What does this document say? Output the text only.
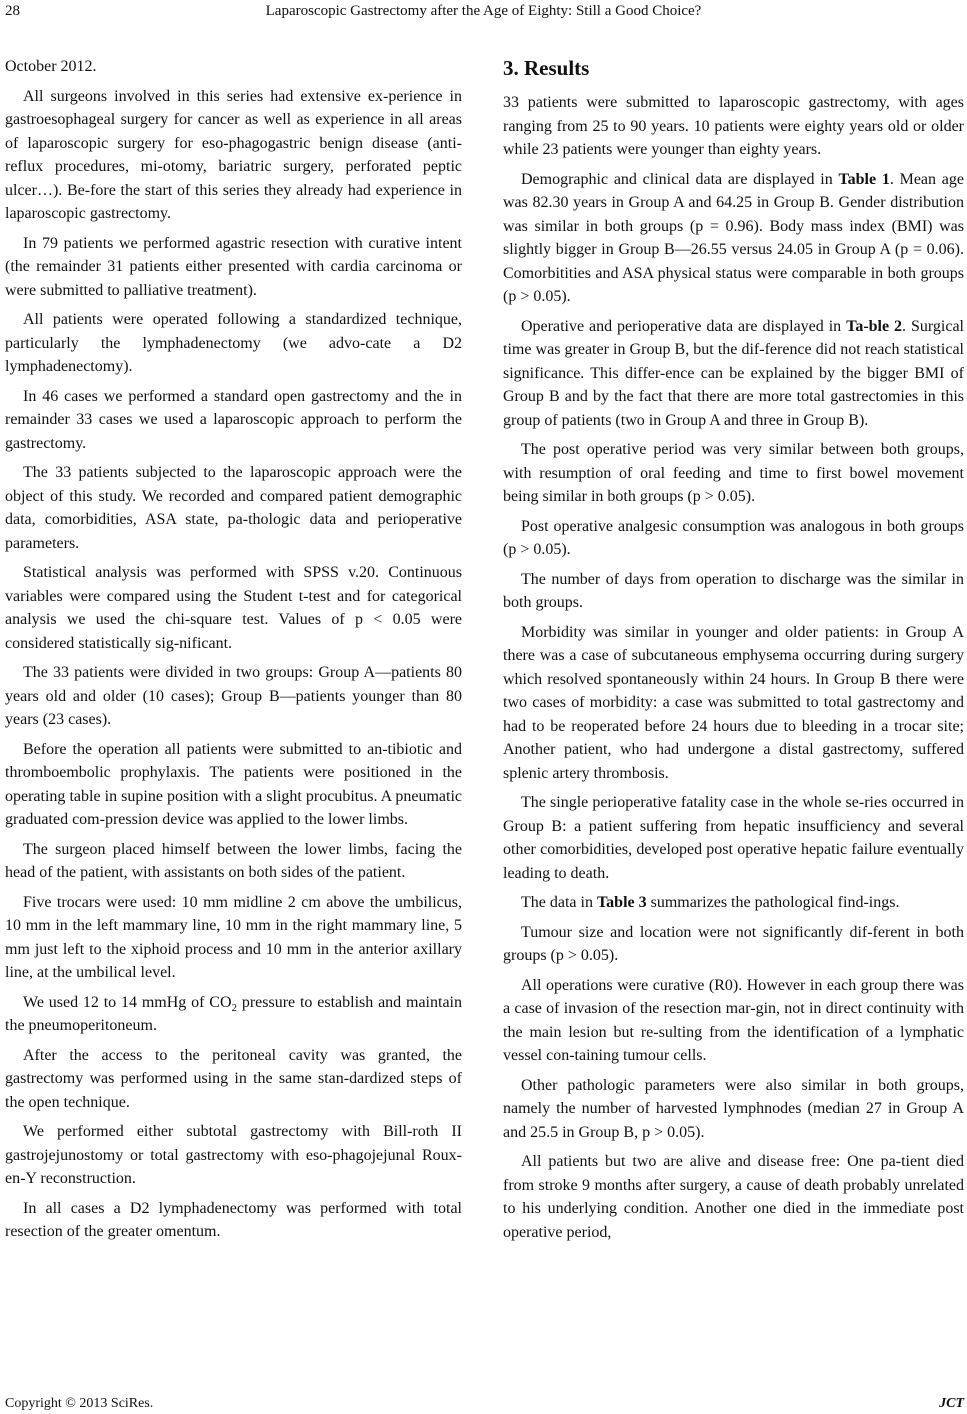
28	Laparoscopic Gastrectomy after the Age of Eighty: Still a Good Choice?

October 2012.

All surgeons involved in this series had extensive ex-perience in gastroesophageal surgery for cancer as well as experience in all areas of laparoscopic surgery for eso-phagogastric benign disease (anti-reflux procedures, mi-otomy, bariatric surgery, perforated peptic ulcer…). Be-fore the start of this series they already had experience in laparoscopic gastrectomy.

In 79 patients we performed agastric resection with curative intent (the remainder 31 patients either presented with cardia carcinoma or were submitted to palliative treatment).

All patients were operated following a standardized technique, particularly the lymphadenectomy (we advo-cate a D2 lymphadenectomy).

In 46 cases we performed a standard open gastrectomy and the in remainder 33 cases we used a laparoscopic approach to perform the gastrectomy.

The 33 patients subjected to the laparoscopic approach were the object of this study. We recorded and compared patient demographic data, comorbidities, ASA state, pa-thologic data and perioperative parameters.

Statistical analysis was performed with SPSS v.20. Continuous variables were compared using the Student t-test and for categorical analysis we used the chi-square test. Values of p < 0.05 were considered statistically sig-nificant.

The 33 patients were divided in two groups: Group A—patients 80 years old and older (10 cases); Group B—patients younger than 80 years (23 cases).

Before the operation all patients were submitted to an-tibiotic and thromboembolic prophylaxis. The patients were positioned in the operating table in supine position with a slight procubitus. A pneumatic graduated com-pression device was applied to the lower limbs.

The surgeon placed himself between the lower limbs, facing the head of the patient, with assistants on both sides of the patient.

Five trocars were used: 10 mm midline 2 cm above the umbilicus, 10 mm in the left mammary line, 10 mm in the right mammary line, 5 mm just left to the xiphoid process and 10 mm in the anterior axillary line, at the umbilical level.

We used 12 to 14 mmHg of $CO_2$ pressure to establish and maintain the pneumoperitoneum.

After the access to the peritoneal cavity was granted, the gastrectomy was performed using in the same stan-dardized steps of the open technique.

We performed either subtotal gastrectomy with Bill-roth II gastrojejunostomy or total gastrectomy with eso-phagojejunal Roux-en-Y reconstruction.

In all cases a D2 lymphadenectomy was performed with total resection of the greater omentum.

3. Results

33 patients were submitted to laparoscopic gastrectomy, with ages ranging from 25 to 90 years. 10 patients were eighty years old or older while 23 patients were younger than eighty years.

Demographic and clinical data are displayed in Table 1. Mean age was 82.30 years in Group A and 64.25 in Group B. Gender distribution was similar in both groups (p = 0.96). Body mass index (BMI) was slightly bigger in Group B—26.55 versus 24.05 in Group A (p = 0.06). Comorbitities and ASA physical status were comparable in both groups (p > 0.05).

Operative and perioperative data are displayed in Ta-ble 2. Surgical time was greater in Group B, but the dif-ference did not reach statistical significance. This differ-ence can be explained by the bigger BMI of Group B and by the fact that there are more total gastrectomies in this group of patients (two in Group A and three in Group B).

The post operative period was very similar between both groups, with resumption of oral feeding and time to first bowel movement being similar in both groups (p > 0.05).

Post operative analgesic consumption was analogous in both groups (p > 0.05).

The number of days from operation to discharge was the similar in both groups.

Morbidity was similar in younger and older patients: in Group A there was a case of subcutaneous emphysema occurring during surgery which resolved spontaneously within 24 hours. In Group B there were two cases of morbidity: a case was submitted to total gastrectomy and had to be reoperated before 24 hours due to bleeding in a trocar site; Another patient, who had undergone a distal gastrectomy, suffered splenic artery thrombosis.

The single perioperative fatality case in the whole se-ries occurred in Group B: a patient suffering from hepatic insufficiency and several other comorbidities, developed post operative hepatic failure eventually leading to death.

The data in Table 3 summarizes the pathological find-ings.

Tumour size and location were not significantly dif-ferent in both groups (p > 0.05).

All operations were curative (R0). However in each group there was a case of invasion of the resection mar-gin, not in direct continuity with the main lesion but re-sulting from the identification of a lymphatic vessel con-taining tumour cells.

Other pathologic parameters were also similar in both groups, namely the number of harvested lymphnodes (median 27 in Group A and 25.5 in Group B, p > 0.05).

All patients but two are alive and disease free: One pa-tient died from stroke 9 months after surgery, a cause of death probably unrelated to his underlying condition. Another one died in the immediate post operative period,

Copyright © 2013 SciRes.	JCT
